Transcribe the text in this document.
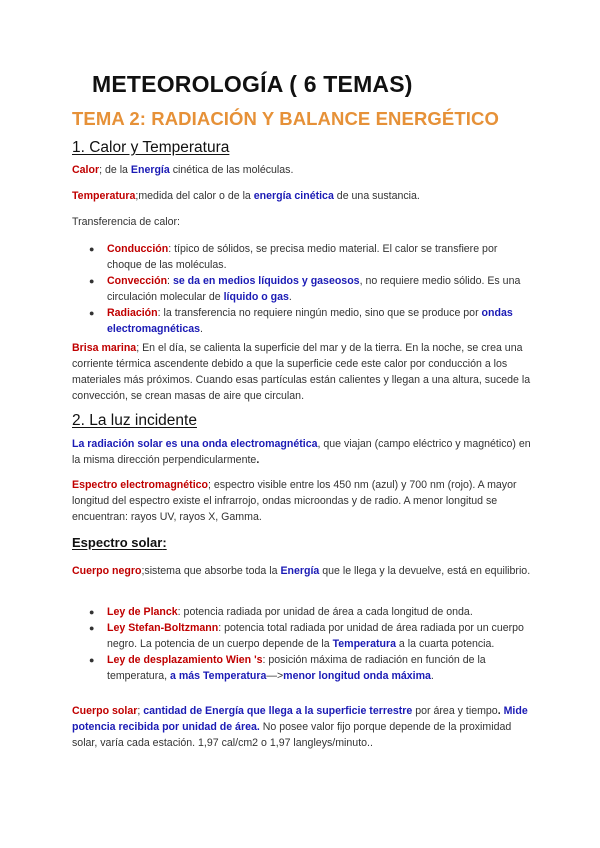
METEOROLOGÍA ( 6 TEMAS)
TEMA 2: RADIACIÓN Y BALANCE ENERGÉTICO
1. Calor y Temperatura

Calor; de la Energía cinética de las moléculas.

Temperatura;medida del calor o de la energía cinética de una sustancia.

Transferencia de calor:

● Conducción: típico de sólidos, se precisa medio material. El calor se transfiere por choque de las moléculas.
● Convección: se da en medios líquidos y gaseosos, no requiere medio sólido. Es una circulación molecular de líquido o gas.
● Radiación: la transferencia no requiere ningún medio, sino que se produce por ondas electromagnéticas.

Brisa marina; En el día, se calienta la superficie del mar y de la tierra. En la noche, se crea una corriente térmica ascendente debido a que la superficie cede este calor por conducción a los materiales más próximos. Cuando esas partículas están calientes y llegan a una altura, sucede la convección, se crean masas de aire que circulan.

2. La luz incidente

La radiación solar es una onda electromagnética, que viajan (campo eléctrico y magnético) en la misma dirección perpendicularmente.

Espectro electromagnético; espectro visible entre los 450 nm (azul) y 700 nm (rojo). A mayor longitud del espectro existe el infrarrojo, ondas microondas y de radio. A menor longitud se encuentran: rayos UV, rayos X, Gamma.

Espectro solar:

Cuerpo negro;sistema que absorbe toda la Energía que le llega y la devuelve, está en equilibrio.

● Ley de Planck: potencia radiada por unidad de área a cada longitud de onda.
● Ley Stefan-Boltzmann: potencia total radiada por unidad de área radiada por un cuerpo negro. La potencia de un cuerpo depende de la Temperatura a la cuarta potencia.
● Ley de desplazamiento Wien 's: posición máxima de radiación en función de la temperatura, a más Temperatura—>menor longitud onda máxima.

Cuerpo solar; cantidad de Energía que llega a la superficie terrestre por área y tiempo. Mide potencia recibida por unidad de área. No posee valor fijo porque depende de la proximidad solar, varía cada estación. 1,97 cal/cm2 o 1,97 langleys/minuto..
